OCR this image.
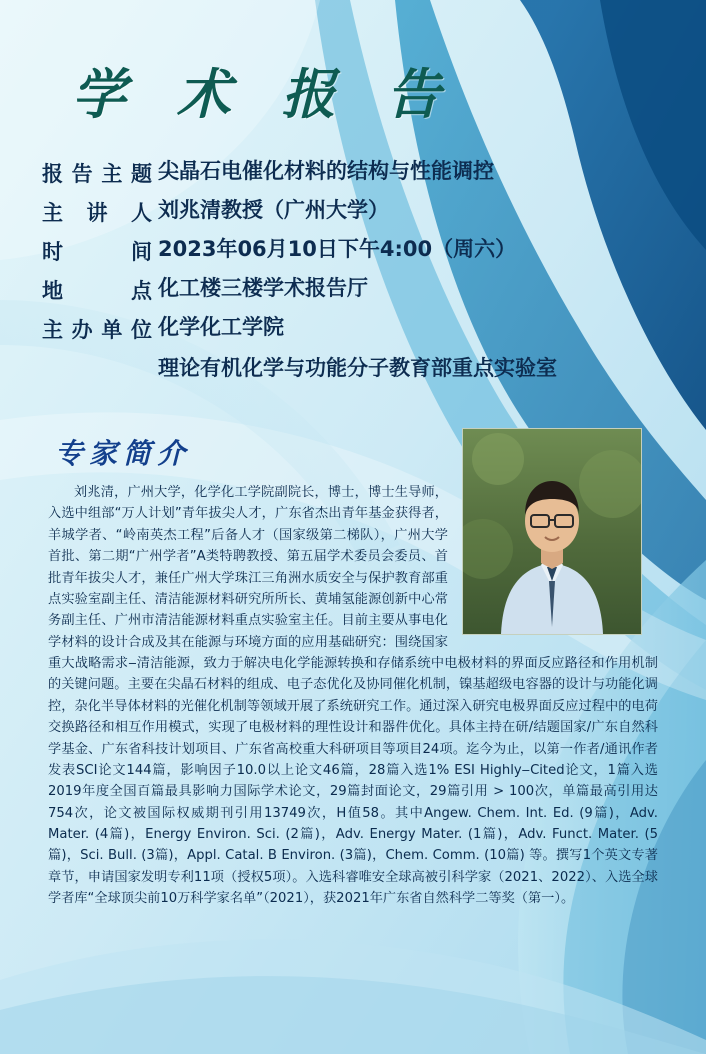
学 术 报 告
报告主题 尖晶石电催化材料的结构与性能调控
主 讲 人 刘兆清教授（广州大学）
时 间 2023年06月10日下午4:00（周六）
地 点 化工楼三楼学术报告厅
主办单位 化学化工学院
理论有机化学与功能分子教育部重点实验室
专家简介
刘兆清，广州大学，化学化工学院副院长，博士，博士生导师，入选中组部“万人计划”青年拔尖人才，广东省杰出青年基金获得者，羊城学者、“岭南英杰工程”后备人才（国家级第二梯队），广州大学首批、第二期“广州学者”A类特聘教授、第五届学术委员会委员、首批青年拔尖人才，兼任广州大学珠江三角洲水质安全与保护教育部重点实验室副主任、清洁能源材料研究所所长、黄埔氢能源创新中心常务副主任、广州市清洁能源材料重点实验室主任。目前主要从事电化学材料的设计合成及其在能源与环境方面的应用基础研究：围绕国家重大战略需求‒清洁能源，致力于解决电化学能源转换和存储系统中电极材料的界面反应路径和作用机制的关键问题。主要在尖晶石材料的组成、电子态优化及协同催化机制，镍基超级电容器的设计与功能化调控，杂化半导体材料的光催化机制等领域开展了系统研究工作。通过深入研究电极界面反应过程中的电荷交换路径和相互作用模式，实现了电极材料的理性设计和器件优化。具体主持在研/结题国家/广东自然科学基金、广东省科技计划项目、广东省高校重大科研项目等项目24项。迄今为止，以第一作者/通讯作者发表SCI论文144篇，影响因子10.0以上论文46篇，28篇入选1% ESI Highly‒Cited论文，1篇入选2019年度全国百篇最具影响力国际学术论文，29篇封面论文，29篇引用 > 100次，单篇最高引用达754次，论文被国际权威期刊引用13749次，H值58。其中Angew. Chem. Int. Ed. (9篇)，Adv. Mater. (4篇)，Energy Environ. Sci. (2篇)，Adv. Energy Mater. (1篇)，Adv. Funct. Mater. (5篇)，Sci. Bull. (3篇)，Appl. Catal. B Environ. (3篇)，Chem. Comm. (10篇) 等。撰写1个英文专著章节，申请国家发明专利11项（授权5项）。入选科睿唯安全球高被引科学家（2021、2022）、入选全球学者库“全球顶尖前10万科学家名单”（2021），获2021年广东省自然科学二等奖（第一）。
